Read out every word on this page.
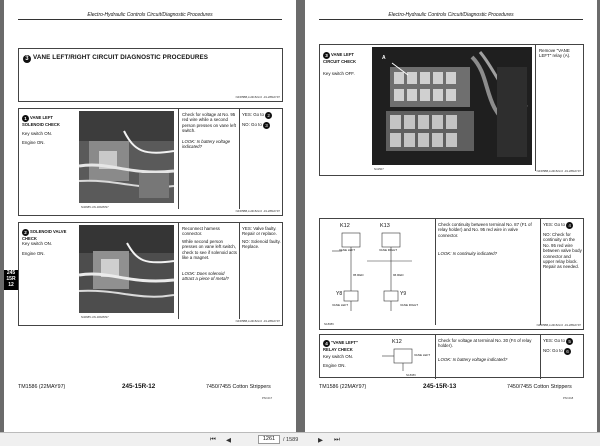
Electro-Hydraulic Controls Circuit/Diagnostic Procedures
3 VANE LEFT/RIGHT CIRCUIT DIAGNOSTIC PROCEDURES
N4/R5BB,LH3152LCI -19-28MAY97
1 VANE LEFT SOLENOID CHECK
Key switch ON.
Engine ON.
N40685-UN-18APR97
Check for voltage at No. 95 red wire while a second person presses on vane left switch.
LOOK: Is battery voltage indicated?
YES: Go to 2
NO: Go to 3
N4/R5BB,LH3152LCI -19-28MAY97
2 SOLENOID VALVE CHECK
Key switch ON.
Engine ON.
N40685-UN-18APR97
Reconnect harness connector.
While second person presses on vane left switch, check to see if solenoid acts like a magnet.
LOOK: Does solenoid attract a piece of metal?
YES: Valve faulty. Repair or replace.
NO: Solenoid faulty. Replace.
N4/R5BB,LH3152LCI -19-28MAY97
245
15R
12
TM1586 (22MAY97)	245-15R-12	7450/7455 Cotton Strippers
PN=217
Electro-Hydraulic Controls Circuit/Diagnostic Procedures
3 VANE LEFT CIRCUIT CHECK
Key switch OFF.
A
N41507
Remove "VANE LEFT" relay (A).
N4/R5BB,LH3152LCI -19-28MAY97
K12
VANE LEFT
K13
VANE RIGHT
Y8
VANE LEFT
Y9
VANE RIGHT
95 RED	96 RED
N18086
Check continuity between terminal No. 87 (F1 of relay holder) and No. 95 red wire in valve connector.
LOOK: Is continuity indicated?
YES: Go to 4
NO: Check for continuity on the No. 95 red wire between valve body connector and upper relay block. Repair as needed.
N4/R5BB,LH3152LCI -19-28MAY97
4 "VANE LEFT" RELAY CHECK
Key switch ON.
Engine ON.
K12
VANE LEFT
N18086
Check for voltage at terminal No. 30 (F4 of relay holder).
LOOK: Is battery voltage indicated?
YES: Go to 5
NO: Go to 6
TM1586 (22MAY97)	245-15R-13	7450/7455 Cotton Strippers
PN=218
⏮ ◀	1261	/ 1589	▶ ⏭
